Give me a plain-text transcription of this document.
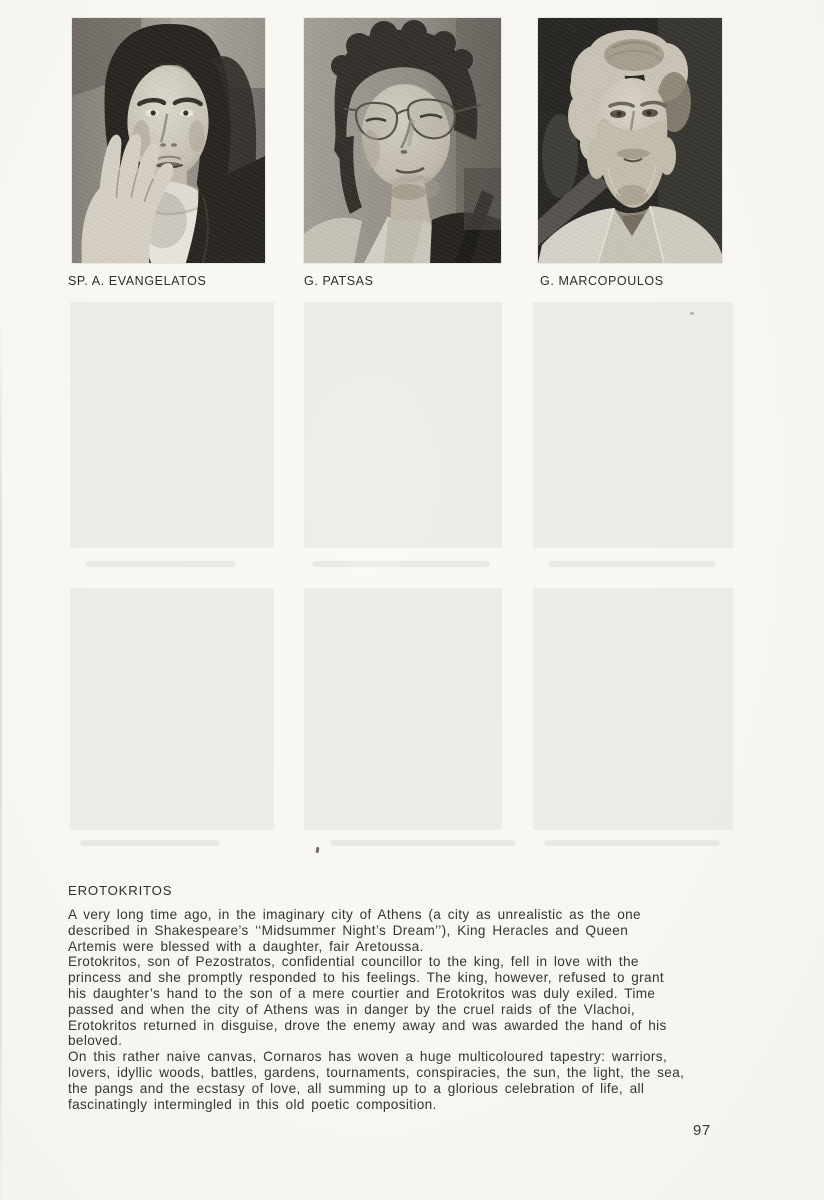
SP. A. EVANGELATOS	G. PATSAS	G. MARCOPOULOS
EROTOKRITOS
A very long time ago, in the imaginary city of Athens (a city as unrealistic as the one
described in Shakespeare’s ‘‘Midsummer Night’s Dream’’), King Heracles and Queen
Artemis were blessed with a daughter, fair Aretoussa.
Erotokritos, son of Pezostratos, confidential councillor to the king, fell in love with the
princess and she promptly responded to his feelings. The king, however, refused to grant
his daughter’s hand to the son of a mere courtier and Erotokritos was duly exiled. Time
passed and when the city of Athens was in danger by the cruel raids of the Vlachoi,
Erotokritos returned in disguise, drove the enemy away and was awarded the hand of his
beloved.
On this rather naive canvas, Cornaros has woven a huge multicoloured tapestry: warriors,
lovers, idyllic woods, battles, gardens, tournaments, conspiracies, the sun, the light, the sea,
the pangs and the ecstasy of love, all summing up to a glorious celebration of life, all
fascinatingly intermingled in this old poetic composition.
97
